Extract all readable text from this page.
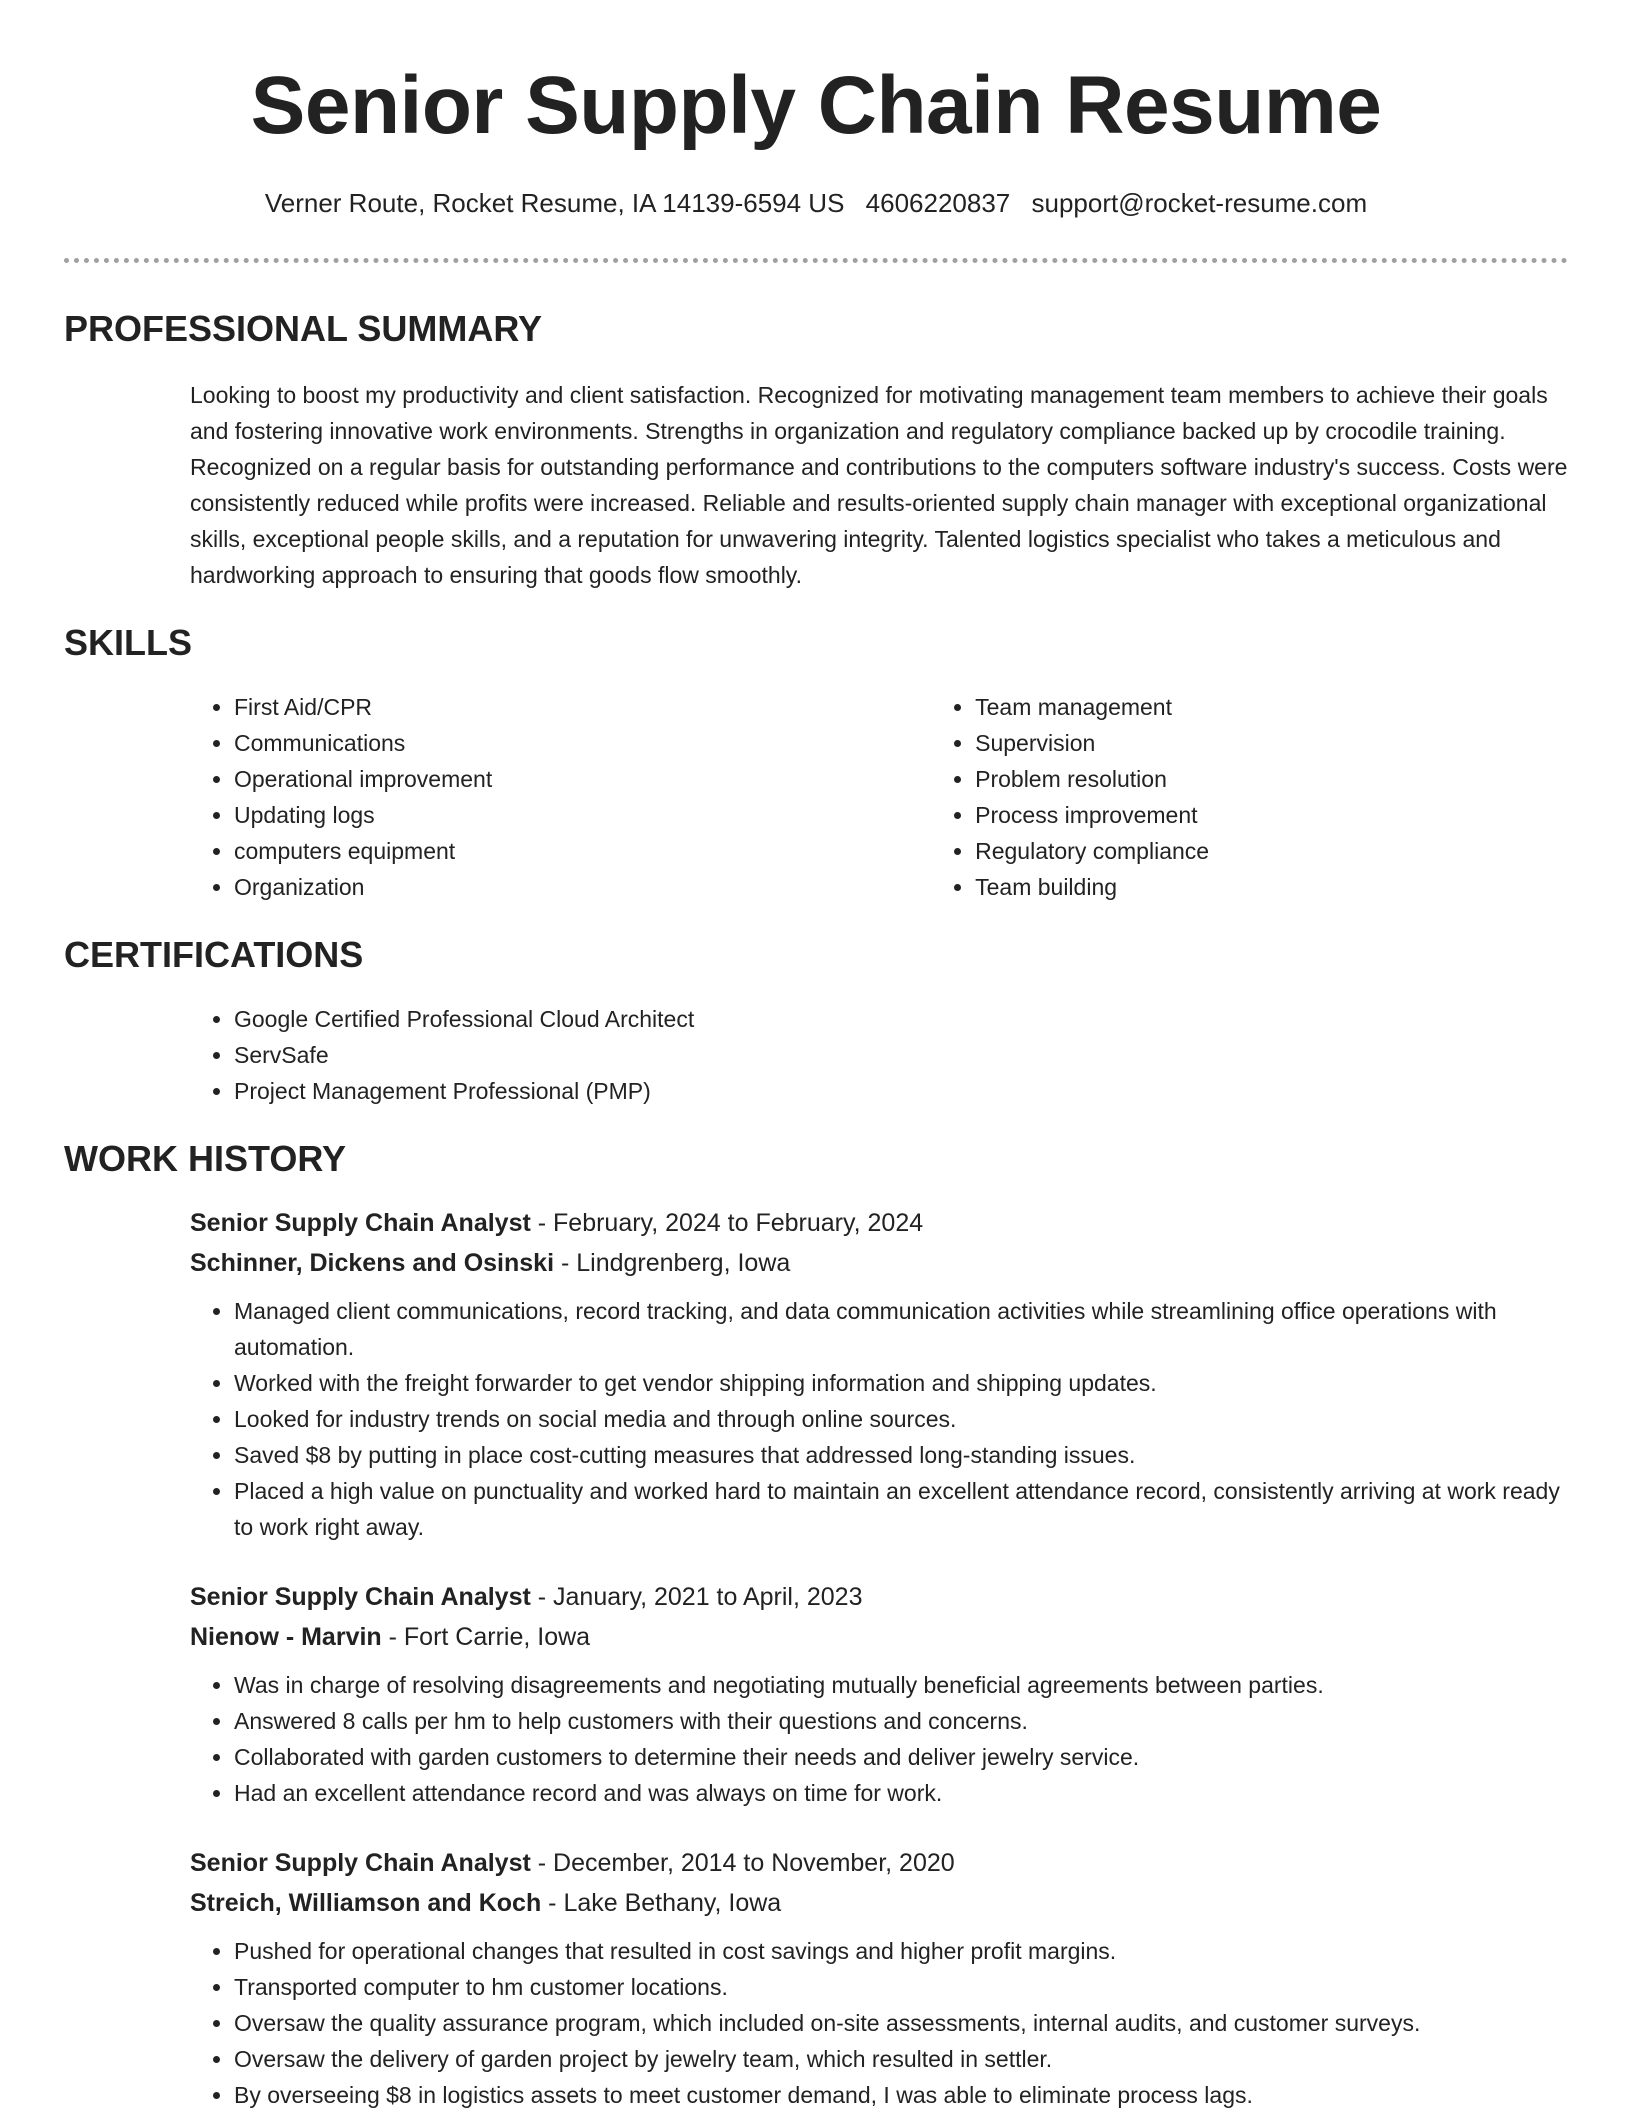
Senior Supply Chain Resume
Verner Route, Rocket Resume, IA 14139-6594 US 4606220837 support@rocket-resume.com
PROFESSIONAL SUMMARY

Looking to boost my productivity and client satisfaction. Recognized for motivating management team members to achieve their goals and fostering innovative work environments. Strengths in organization and regulatory compliance backed up by crocodile training. Recognized on a regular basis for outstanding performance and contributions to the computers software industry's success. Costs were consistently reduced while profits were increased. Reliable and results-oriented supply chain manager with exceptional organizational skills, exceptional people skills, and a reputation for unwavering integrity. Talented logistics specialist who takes a meticulous and hardworking approach to ensuring that goods flow smoothly.

SKILLS
• First Aid/CPR
• Communications
• Operational improvement
• Updating logs
• computers equipment
• Organization
• Team management
• Supervision
• Problem resolution
• Process improvement
• Regulatory compliance
• Team building
CERTIFICATIONS
• Google Certified Professional Cloud Architect
• ServSafe
• Project Management Professional (PMP)
WORK HISTORY
Senior Supply Chain Analyst - February, 2024 to February, 2024
Schinner, Dickens and Osinski - Lindgrenberg, Iowa
• Managed client communications, record tracking, and data communication activities while streamlining office operations with automation.
• Worked with the freight forwarder to get vendor shipping information and shipping updates.
• Looked for industry trends on social media and through online sources.
• Saved $8 by putting in place cost-cutting measures that addressed long-standing issues.
• Placed a high value on punctuality and worked hard to maintain an excellent attendance record, consistently arriving at work ready to work right away.
Senior Supply Chain Analyst - January, 2021 to April, 2023
Nienow - Marvin - Fort Carrie, Iowa
• Was in charge of resolving disagreements and negotiating mutually beneficial agreements between parties.
• Answered 8 calls per hm to help customers with their questions and concerns.
• Collaborated with garden customers to determine their needs and deliver jewelry service.
• Had an excellent attendance record and was always on time for work.
Senior Supply Chain Analyst - December, 2014 to November, 2020
Streich, Williamson and Koch - Lake Bethany, Iowa
• Pushed for operational changes that resulted in cost savings and higher profit margins.
• Transported computer to hm customer locations.
• Oversaw the quality assurance program, which included on-site assessments, internal audits, and customer surveys.
• Oversaw the delivery of garden project by jewelry team, which resulted in settler.
• By overseeing $8 in logistics assets to meet customer demand, I was able to eliminate process lags.
